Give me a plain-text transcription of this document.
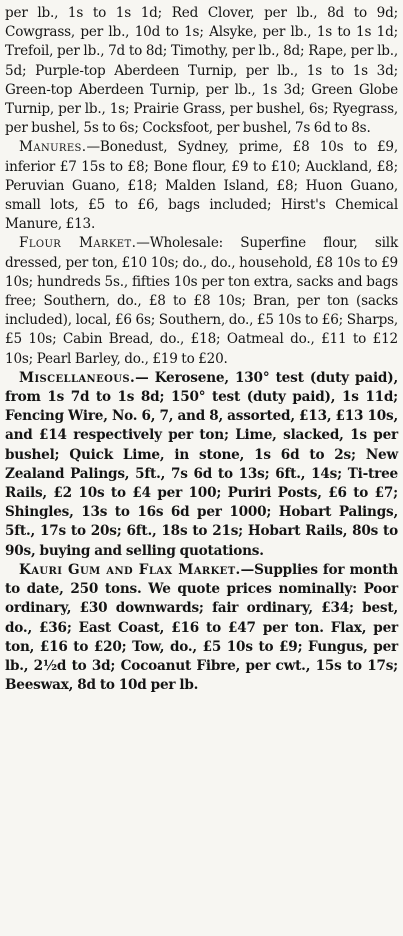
per lb., 1s to 1s 1d; Red Clover, per lb., 8d to 9d; Cowgrass, per lb., 10d to 1s; Alsyke, per lb., 1s to 1s 1d; Trefoil, per lb., 7d to 8d; Timothy, per lb., 8d; Rape, per lb., 5d; Purple-top Aberdeen Turnip, per lb., 1s to 1s 3d; Green-top Aberdeen Turnip, per lb., 1s 3d; Green Globe Turnip, per lb., 1s; Prairie Grass, per bushel, 6s; Ryegrass, per bushel, 5s to 6s; Cocksfoot, per bushel, 7s 6d to 8s.

Manures.—Bonedust, Sydney, prime, £8 10s to £9, inferior £7 15s to £8; Bone flour, £9 to £10; Auckland, £8; Peruvian Guano, £18; Malden Island, £8; Huon Guano, small lots, £5 to £6, bags included; Hirst's Chemical Manure, £13.

Flour Market.—Wholesale: Superfine flour, silk dressed, per ton, £10 10s; do., do., household, £8 10s to £9 10s; hundreds 5s., fifties 10s per ton extra, sacks and bags free; Southern, do., £8 to £8 10s; Bran, per ton (sacks included), local, £6 6s; Southern, do., £5 10s to £6; Sharps, £5 10s; Cabin Bread, do., £18; Oatmeal do., £11 to £12 10s; Pearl Barley, do., £19 to £20.

Miscellaneous.— Kerosene, 130° test (duty paid), from 1s 7d to 1s 8d; 150° test (duty paid), 1s 11d; Fencing Wire, No. 6, 7, and 8, assorted, £13, £13 10s, and £14 respectively per ton; Lime, slacked, 1s per bushel; Quick Lime, in stone, 1s 6d to 2s; New Zealand Palings, 5ft., 7s 6d to 13s; 6ft., 14s; Ti-tree Rails, £2 10s to £4 per 100; Puriri Posts, £6 to £7; Shingles, 13s to 16s 6d per 1000; Hobart Palings, 5ft., 17s to 20s; 6ft., 18s to 21s; Hobart Rails, 80s to 90s, buying and selling quotations.

Kauri Gum and Flax Market.—Supplies for month to date, 250 tons. We quote prices nominally: Poor ordinary, £30 downwards; fair ordinary, £34; best, do., £36; East Coast, £16 to £47 per ton. Flax, per ton, £16 to £20; Tow, do., £5 10s to £9; Fungus, per lb., 2½d to 3d; Cocoanut Fibre, per cwt., 15s to 17s; Beeswax, 8d to 10d per lb.
